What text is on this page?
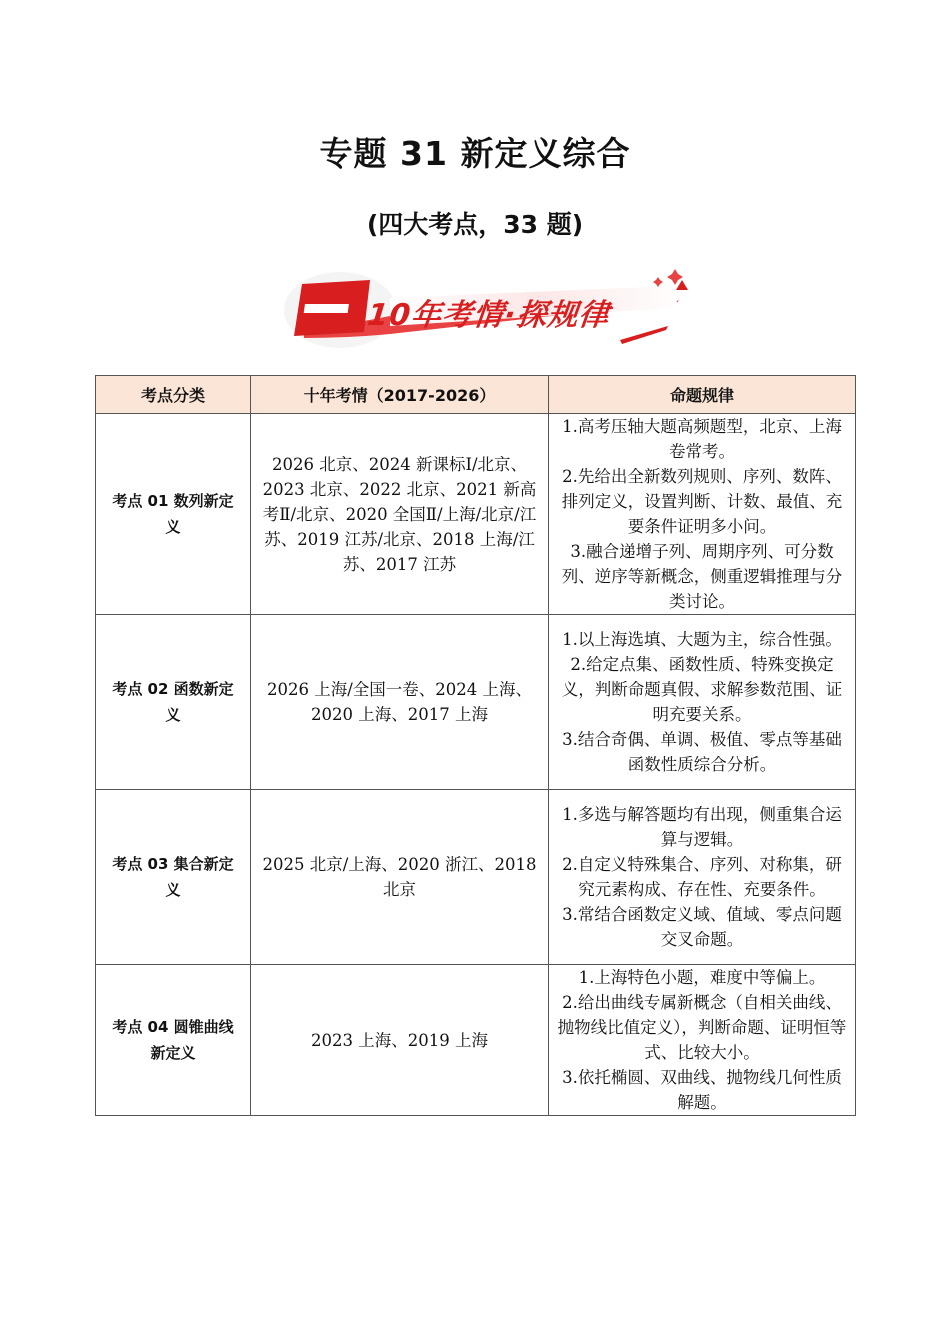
专题 31 新定义综合
(四大考点，33 题)
10年考情·探规律
考点分类	十年考情（2017-2026）	命题规律
考点 01 数列新定义	2026 北京、2024 新课标Ⅰ/北京、2023 北京、2022 北京、2021 新高考Ⅱ/北京、2020 全国Ⅱ/上海/北京/江苏、2019 江苏/北京、2018 上海/江苏、2017 江苏	1.高考压轴大题高频题型，北京、上海卷常考。
2.先给出全新数列规则、序列、数阵、排列定义，设置判断、计数、最值、充要条件证明多小问。
3.融合递增子列、周期序列、可分数列、逆序等新概念，侧重逻辑推理与分类讨论。

考点 02 函数新定义	2026 上海/全国一卷、2024 上海、2020 上海、2017 上海	1.以上海选填、大题为主，综合性强。
2.给定点集、函数性质、特殊变换定义，判断命题真假、求解参数范围、证明充要关系。
3.结合奇偶、单调、极值、零点等基础函数性质综合分析。

考点 03 集合新定义	2025 北京/上海、2020 浙江、2018 北京	1.多选与解答题均有出现，侧重集合运算与逻辑。
2.自定义特殊集合、序列、对称集，研究元素构成、存在性、充要条件。
3.常结合函数定义域、值域、零点问题交叉命题。

考点 04 圆锥曲线新定义	2023 上海、2019 上海	1.上海特色小题，难度中等偏上。
2.给出曲线专属新概念（自相关曲线、抛物线比值定义），判断命题、证明恒等式、比较大小。
3.依托椭圆、双曲线、抛物线几何性质解题。
